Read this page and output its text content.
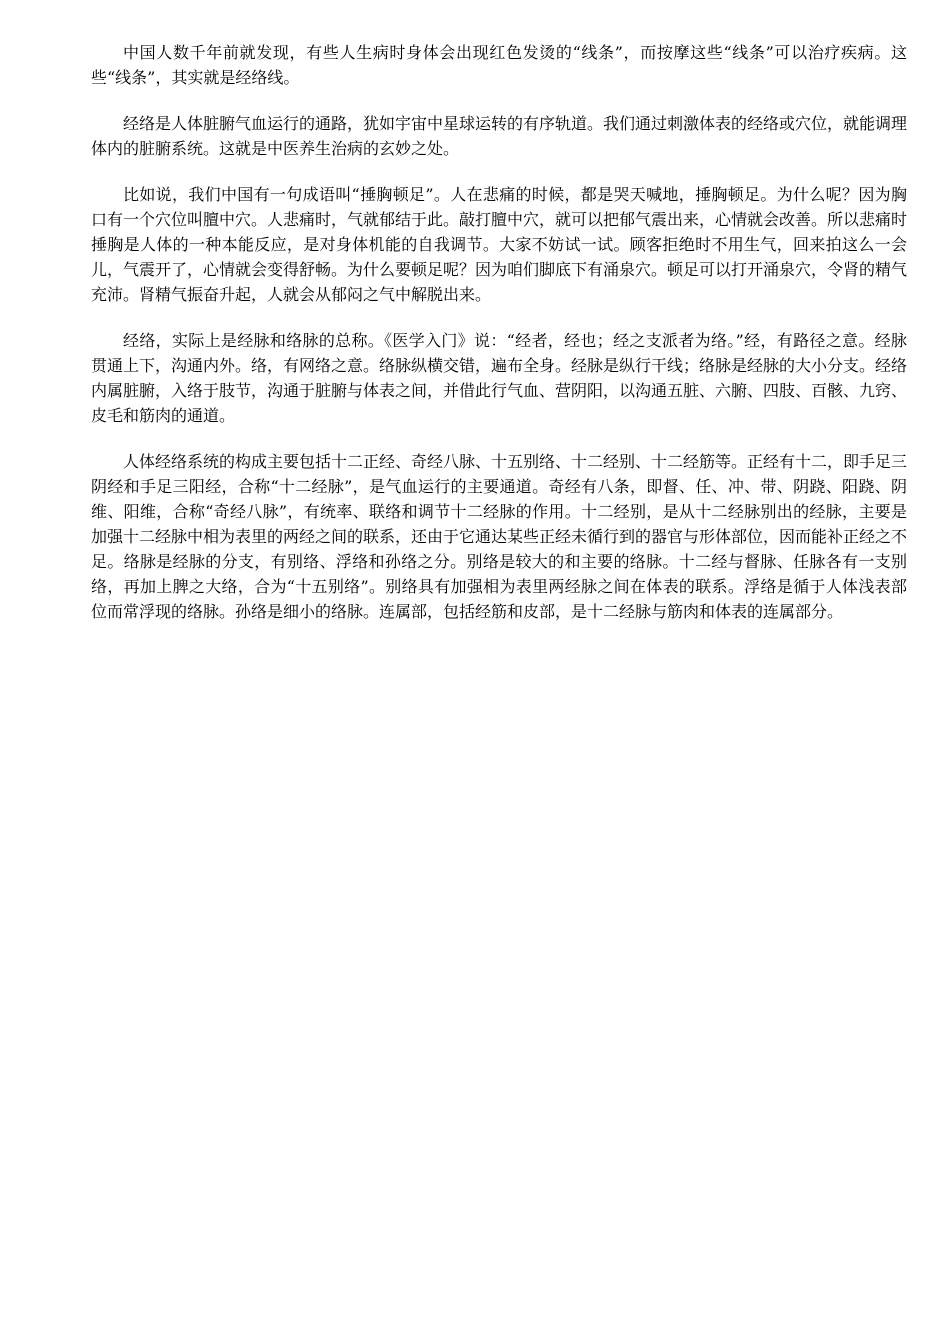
中国人数千年前就发现，有些人生病时身体会出现红色发烫的“线条”，而按摩这些“线条”可以治疗疾病。这些“线条”，其实就是经络线。

经络是人体脏腑气血运行的通路，犹如宇宙中星球运转的有序轨道。我们通过刺激体表的经络或穴位，就能调理体内的脏腑系统。这就是中医养生治病的玄妙之处。

比如说，我们中国有一句成语叫“捶胸顿足”。人在悲痛的时候，都是哭天喊地，捶胸顿足。为什么呢？因为胸口有一个穴位叫膻中穴。人悲痛时，气就郁结于此。敲打膻中穴，就可以把郁气震出来，心情就会改善。所以悲痛时捶胸是人体的一种本能反应，是对身体机能的自我调节。大家不妨试一试。顾客拒绝时不用生气，回来拍这么一会儿，气震开了，心情就会变得舒畅。为什么要顿足呢？因为咱们脚底下有涌泉穴。顿足可以打开涌泉穴，令肾的精气充沛。肾精气振奋升起，人就会从郁闷之气中解脱出来。

经络，实际上是经脉和络脉的总称。《医学入门》说：“经者，经也；经之支派者为络。”经，有路径之意。经脉贯通上下，沟通内外。络，有网络之意。络脉纵横交错，遍布全身。经脉是纵行干线；络脉是经脉的大小分支。经络内属脏腑，入络于肢节，沟通于脏腑与体表之间，并借此行气血、营阴阳，以沟通五脏、六腑、四肢、百骸、九窍、皮毛和筋肉的通道。

人体经络系统的构成主要包括十二正经、奇经八脉、十五别络、十二经别、十二经筋等。正经有十二，即手足三阴经和手足三阳经，合称“十二经脉”，是气血运行的主要通道。奇经有八条，即督、任、冲、带、阴跷、阳跷、阴维、阳维，合称“奇经八脉”，有统率、联络和调节十二经脉的作用。十二经别，是从十二经脉别出的经脉，主要是加强十二经脉中相为表里的两经之间的联系，还由于它通达某些正经未循行到的器官与形体部位，因而能补正经之不足。络脉是经脉的分支，有别络、浮络和孙络之分。别络是较大的和主要的络脉。十二经与督脉、任脉各有一支别络，再加上脾之大络，合为“十五别络”。别络具有加强相为表里两经脉之间在体表的联系。浮络是循于人体浅表部位而常浮现的络脉。孙络是细小的络脉。连属部，包括经筋和皮部，是十二经脉与筋肉和体表的连属部分。
